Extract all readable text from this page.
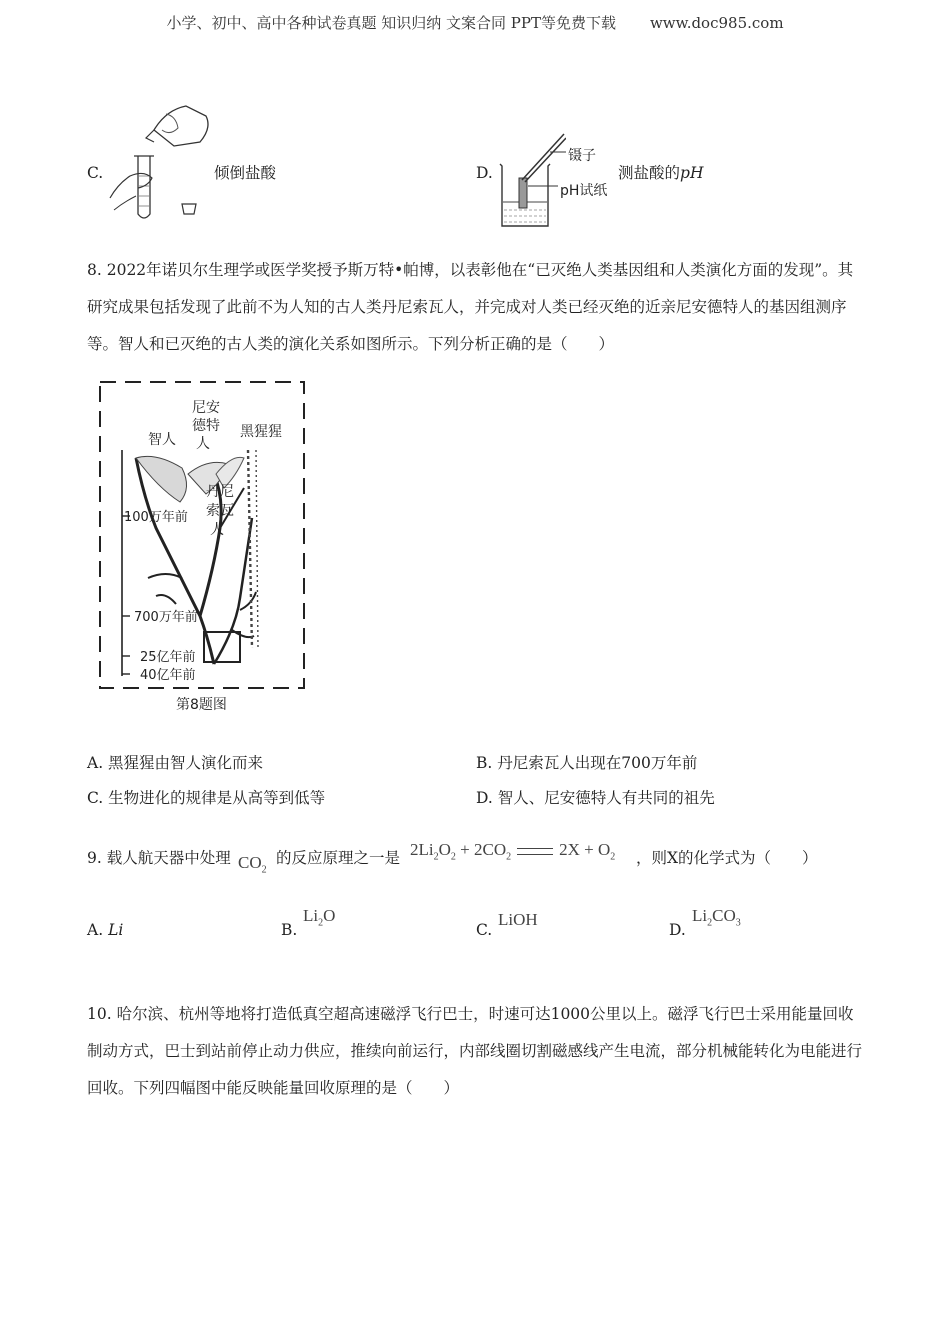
小学、初中、高中各种试卷真题 知识归纳 文案合同 PPT等免费下载 www.doc985.com
C.	倾倒盐酸	D.
镊子
pH试纸
测盐酸的pH
8. 2022年诺贝尔生理学或医学奖授予斯万特•帕博，以表彰他在“已灭绝人类基因组和人类演化方面的发现”。其研究成果包括发现了此前不为人知的古人类丹尼索瓦人，并完成对人类已经灭绝的近亲尼安德特人的基因组测序等。智人和已灭绝的古人类的演化关系如图所示。下列分析正确的是（　　）
智人
尼安
德特
人
黑猩猩
丹尼
索瓦
人
100万年前
700万年前
25亿年前
40亿年前
第8题图
A. 黑猩猩由智人演化而来	B. 丹尼索瓦人出现在700万年前
C. 生物进化的规律是从高等到低等	D. 智人、尼安德特人有共同的祖先
9. 载人航天器中处理 $CO_2$
的反应原理之一是 $2Li_2O_2 + 2CO_2$	$2X + O_2$ ，则X的化学式为（　　）
A. Li	B.
$Li_2O$
C.
LiOH
D.
$Li_2CO_3$
10. 哈尔滨、杭州等地将打造低真空超高速磁浮飞行巴士，时速可达1000公里以上。磁浮飞行巴士采用能量回收制动方式，巴士到站前停止动力供应，推续向前运行，内部线圈切割磁感线产生电流，部分机械能转化为电能进行回收。下列四幅图中能反映能量回收原理的是（　　）
